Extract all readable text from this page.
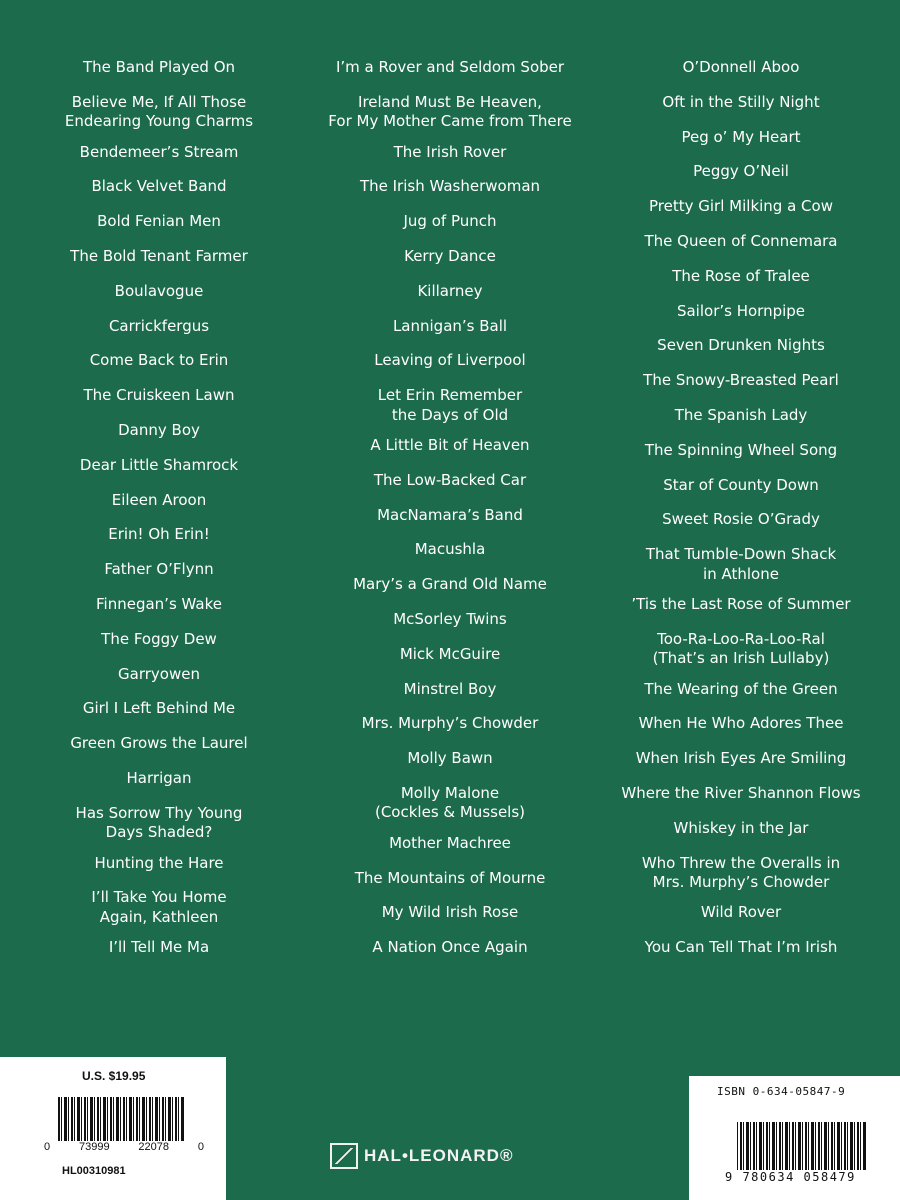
The Band Played On
Believe Me, If All Those
Endearing Young Charms
Bendemeer’s Stream
Black Velvet Band
Bold Fenian Men
The Bold Tenant Farmer
Boulavogue
Carrickfergus
Come Back to Erin
The Cruiskeen Lawn
Danny Boy
Dear Little Shamrock
Eileen Aroon
Erin! Oh Erin!
Father O’Flynn
Finnegan’s Wake
The Foggy Dew
Garryowen
Girl I Left Behind Me
Green Grows the Laurel
Harrigan
Has Sorrow Thy Young
Days Shaded?
Hunting the Hare
I’ll Take You Home
Again, Kathleen
I’ll Tell Me Ma
I’m a Rover and Seldom Sober
Ireland Must Be Heaven,
For My Mother Came from There
The Irish Rover
The Irish Washerwoman
Jug of Punch
Kerry Dance
Killarney
Lannigan’s Ball
Leaving of Liverpool
Let Erin Remember
the Days of Old
A Little Bit of Heaven
The Low-Backed Car
MacNamara’s Band
Macushla
Mary’s a Grand Old Name
McSorley Twins
Mick McGuire
Minstrel Boy
Mrs. Murphy’s Chowder
Molly Bawn
Molly Malone
(Cockles & Mussels)
Mother Machree
The Mountains of Mourne
My Wild Irish Rose
A Nation Once Again
O’Donnell Aboo
Oft in the Stilly Night
Peg o’ My Heart
Peggy O’Neil
Pretty Girl Milking a Cow
The Queen of Connemara
The Rose of Tralee
Sailor’s Hornpipe
Seven Drunken Nights
The Snowy-Breasted Pearl
The Spanish Lady
The Spinning Wheel Song
Star of County Down
Sweet Rosie O’Grady
That Tumble-Down Shack
in Athlone
’Tis the Last Rose of Summer
Too-Ra-Loo-Ra-Loo-Ral
(That’s an Irish Lullaby)
The Wearing of the Green
When He Who Adores Thee
When Irish Eyes Are Smiling
Where the River Shannon Flows
Whiskey in the Jar
Who Threw the Overalls in
Mrs. Murphy’s Chowder
Wild Rover
You Can Tell That I’m Irish
U.S. $19.95
0	73999	22078	0
HL00310981
HAL•LEONARD®
ISBN 0-634-05847-9
9 780634 058479
